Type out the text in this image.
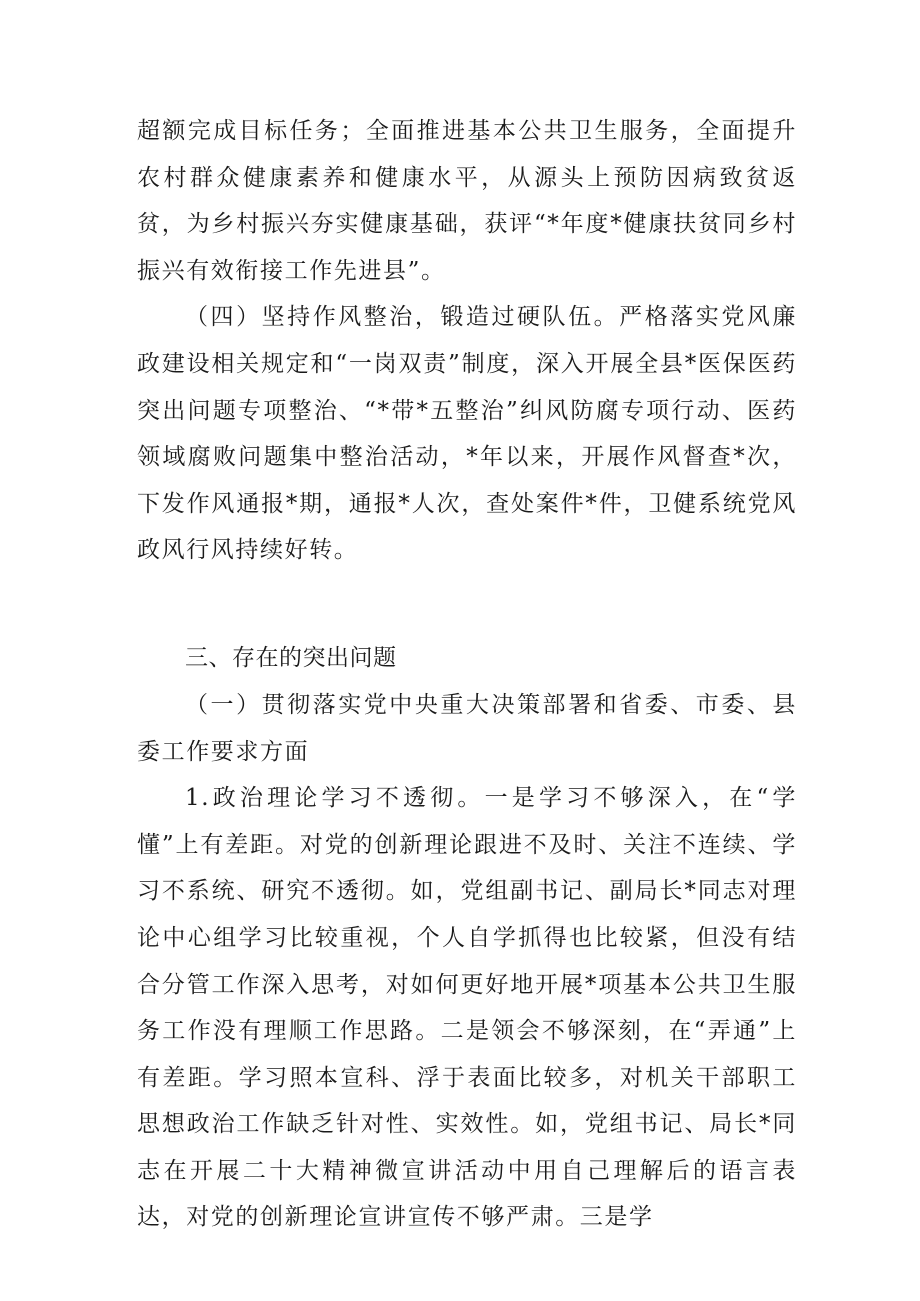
超额完成目标任务；全面推进基本公共卫生服务，全面提升农村群众健康素养和健康水平，从源头上预防因病致贫返贫，为乡村振兴夯实健康基础，获评“*年度*健康扶贫同乡村振兴有效衔接工作先进县”。

（四）坚持作风整治，锻造过硬队伍。严格落实党风廉政建设相关规定和“一岗双责”制度，深入开展全县*医保医药突出问题专项整治、“*带*五整治”纠风防腐专项行动、医药领域腐败问题集中整治活动，*年以来，开展作风督查*次，下发作风通报*期，通报*人次，查处案件*件，卫健系统党风政风行风持续好转。

三、存在的突出问题

（一）贯彻落实党中央重大决策部署和省委、市委、县委工作要求方面

1.政治理论学习不透彻。一是学习不够深入，在“学懂”上有差距。对党的创新理论跟进不及时、关注不连续、学习不系统、研究不透彻。如，党组副书记、副局长*同志对理论中心组学习比较重视，个人自学抓得也比较紧，但没有结合分管工作深入思考，对如何更好地开展*项基本公共卫生服务工作没有理顺工作思路。二是领会不够深刻，在“弄通”上有差距。学习照本宣科、浮于表面比较多，对机关干部职工思想政治工作缺乏针对性、实效性。如，党组书记、局长*同志在开展二十大精神微宣讲活动中用自己理解后的语言表达，对党的创新理论宣讲宣传不够严肃。三是学
